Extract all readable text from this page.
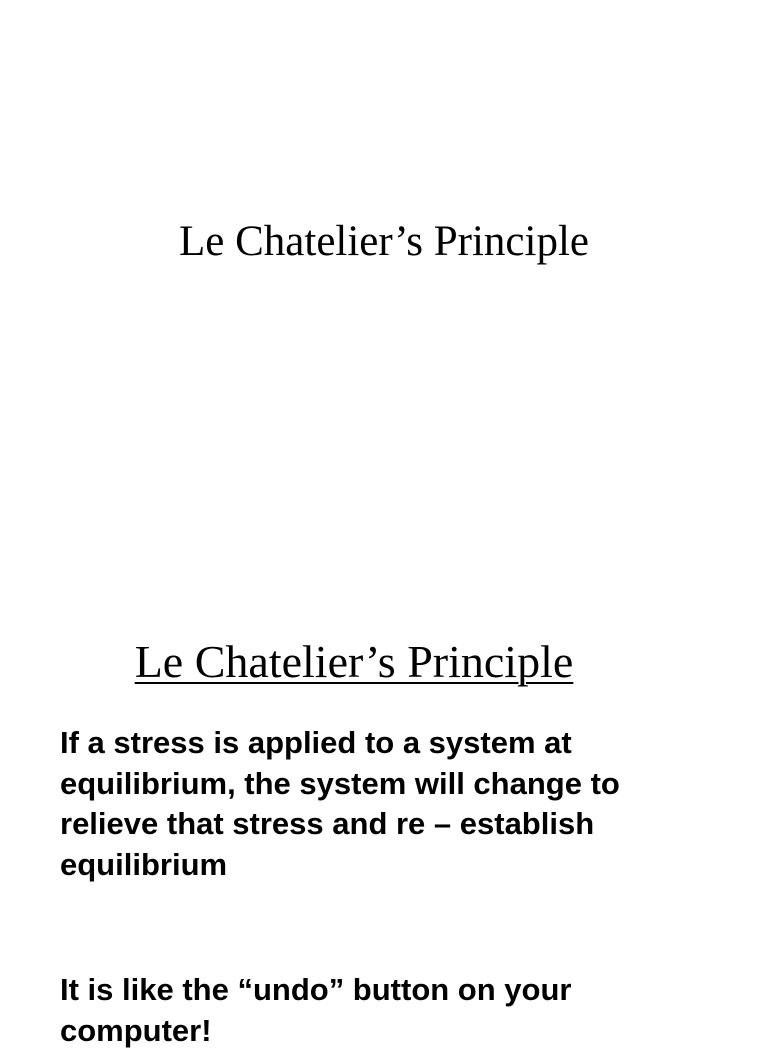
Le Chatelier’s Principle
Le Chatelier’s Principle

If a stress is applied to a system at equilibrium, the system will change to relieve that stress and re – establish equilibrium

It is like the “undo” button on your computer!
